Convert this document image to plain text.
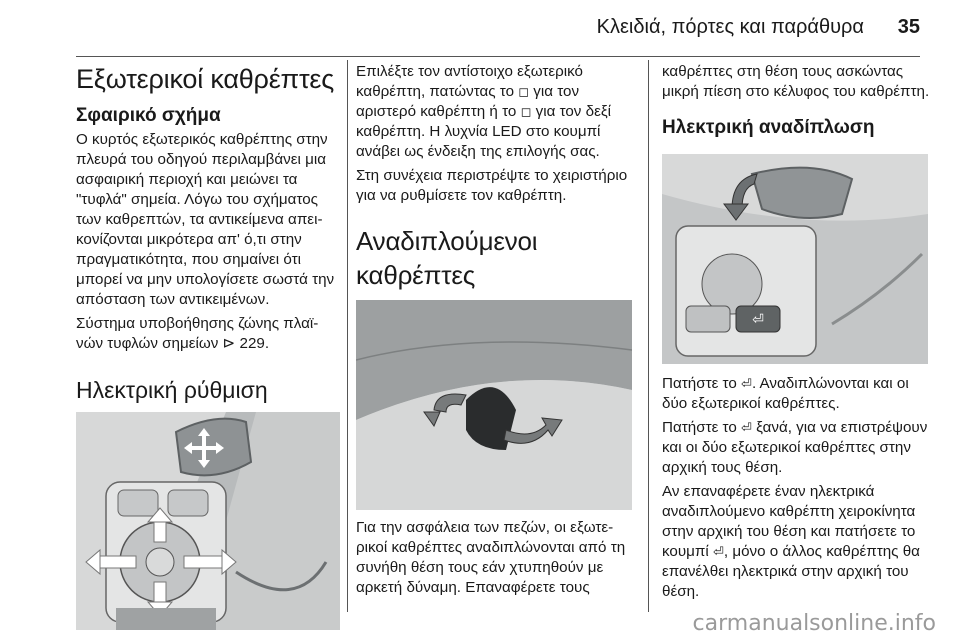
Κλειδιά, πόρτες και παράθυρα 35
Εξωτερικοί καθρέπτες
Σφαιρικό σχήμα

Ο κυρτός εξωτερικός καθρέπτης στην πλευρά του οδηγού περιλαμβάνει μια ασφαιρική περιοχή και μειώνει τα "τυφλά" σημεία. Λόγω του σχήματος των καθρεπτών, τα αντικείμενα απεικονίζονται μικρότερα απ' ό,τι στην πραγματικότητα, που σημαίνει ότι μπορεί να μην υπολογίσετε σωστά την απόσταση των αντικειμένων.

Σύστημα υποβοήθησης ζώνης πλαϊνών τυφλών σημείων ⊳ 229.

Ηλεκτρική ρύθμιση

Επιλέξτε τον αντίστοιχο εξωτερικό καθρέπτη, πατώντας το ◻ για τον αριστερό καθρέπτη ή το ◻ για τον δεξί καθρέπτη. Η λυχνία LED στο κουμπί ανάβει ως ένδειξη της επιλογής σας.

Στη συνέχεια περιστρέψτε το χειριστήριο για να ρυθμίσετε τον καθρέπτη.

Αναδιπλούμενοι καθρέπτες

Για την ασφάλεια των πεζών, οι εξωτερικοί καθρέπτες αναδιπλώνονται από τη συνήθη θέση τους εάν χτυπηθούν με αρκετή δύναμη. Επαναφέρετε τους

καθρέπτες στη θέση τους ασκώντας μικρή πίεση στο κέλυφος του καθρέπτη.

Ηλεκτρική αναδίπλωση
⏎

Πατήστε το ⏎. Αναδιπλώνονται και οι δύο εξωτερικοί καθρέπτες.

Πατήστε το ⏎ ξανά, για να επιστρέψουν και οι δύο εξωτερικοί καθρέπτες στην αρχική τους θέση.

Αν επαναφέρετε έναν ηλεκτρικά αναδιπλούμενο καθρέπτη χειροκίνητα στην αρχική του θέση και πατήσετε το κουμπί ⏎, μόνο ο άλλος καθρέπτης θα επανέλθει ηλεκτρικά στην αρχική του θέση.

carmanualsonline.info
